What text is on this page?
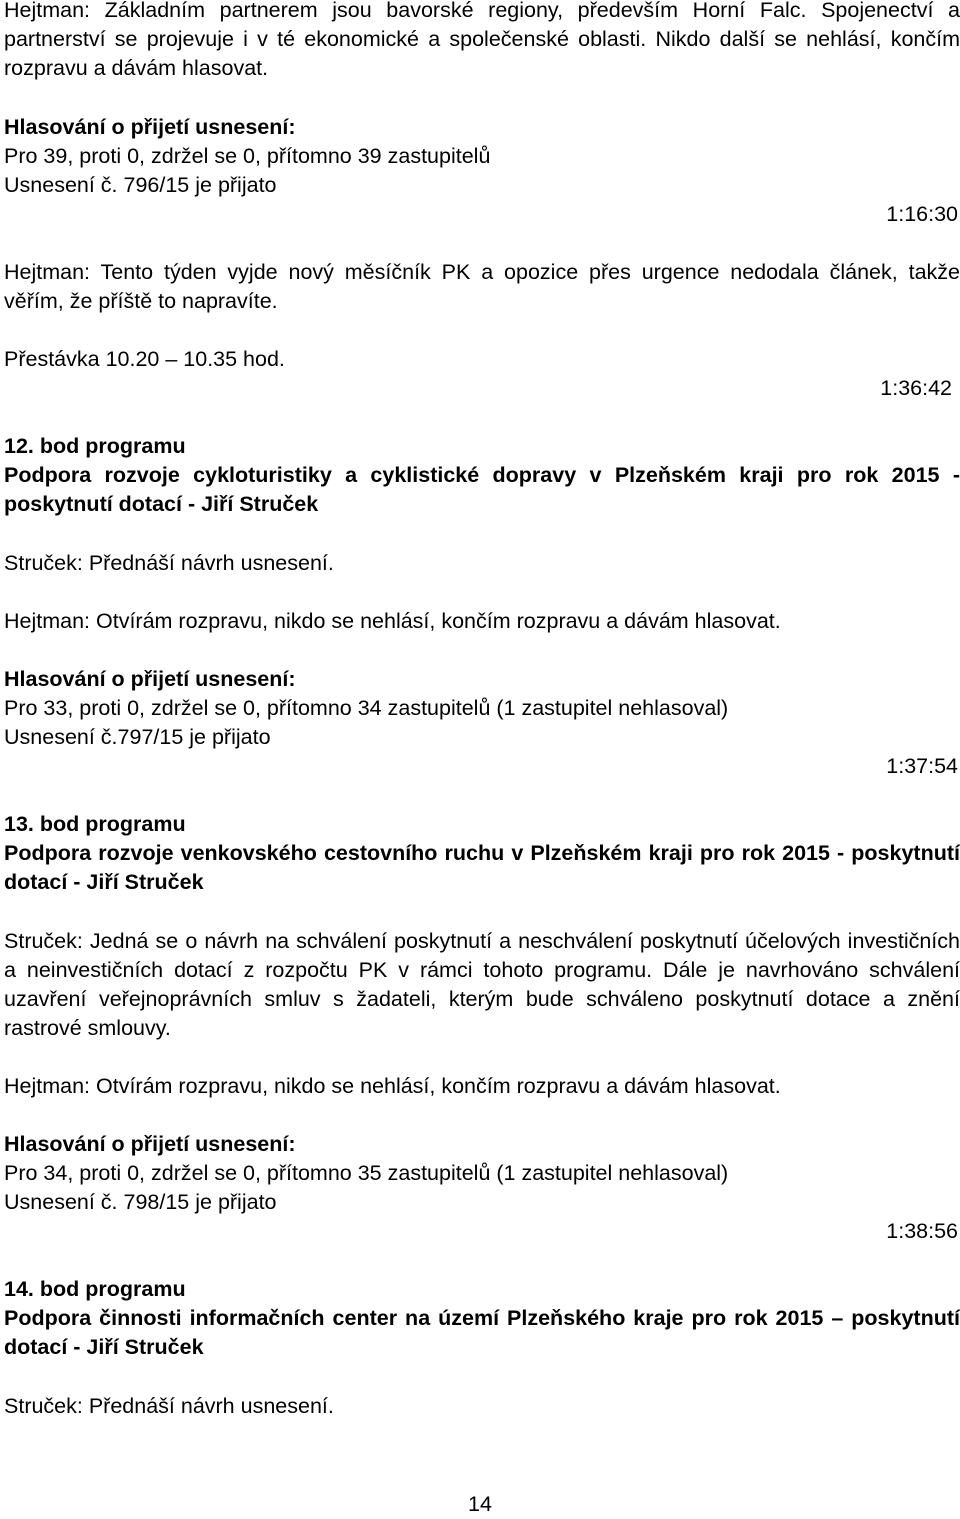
Hejtman: Základním partnerem jsou bavorské regiony, především Horní Falc. Spojenectví a partnerství se projevuje i v té ekonomické a společenské oblasti. Nikdo další se nehlásí, končím rozpravu a dávám hlasovat.

Hlasování o přijetí usnesení:

Pro 39, proti 0, zdržel se 0, přítomno 39 zastupitelů

Usnesení č. 796/15 je přijato

1:16:30

Hejtman: Tento týden vyjde nový měsíčník PK a opozice přes urgence nedodala článek, takže věřím, že příště to napravíte.

Přestávka 10.20 – 10.35 hod.

1:36:42

12. bod programu

Podpora rozvoje cykloturistiky a cyklistické dopravy v Plzeňském kraji pro rok 2015 - poskytnutí dotací - Jiří Struček

Struček: Přednáší návrh usnesení.

Hejtman: Otvírám rozpravu, nikdo se nehlásí, končím rozpravu a dávám hlasovat.

Hlasování o přijetí usnesení:

Pro 33, proti 0, zdržel se 0, přítomno 34 zastupitelů (1 zastupitel nehlasoval)

Usnesení č.797/15 je přijato

1:37:54

13. bod programu

Podpora rozvoje venkovského cestovního ruchu v Plzeňském kraji pro rok 2015 - poskytnutí dotací - Jiří Struček

Struček: Jedná se o návrh na schválení poskytnutí a neschválení poskytnutí účelových investičních a neinvestičních dotací z rozpočtu PK v rámci tohoto programu. Dále je navrhováno schválení uzavření veřejnoprávních smluv s žadateli, kterým bude schváleno poskytnutí dotace a znění rastrové smlouvy.

Hejtman: Otvírám rozpravu, nikdo se nehlásí, končím rozpravu a dávám hlasovat.

Hlasování o přijetí usnesení:

Pro 34, proti 0, zdržel se 0, přítomno 35 zastupitelů (1 zastupitel nehlasoval)

Usnesení č. 798/15 je přijato

1:38:56

14. bod programu

Podpora činnosti informačních center na území Plzeňského kraje pro rok 2015 – poskytnutí dotací - Jiří Struček

Struček: Přednáší návrh usnesení.

14
